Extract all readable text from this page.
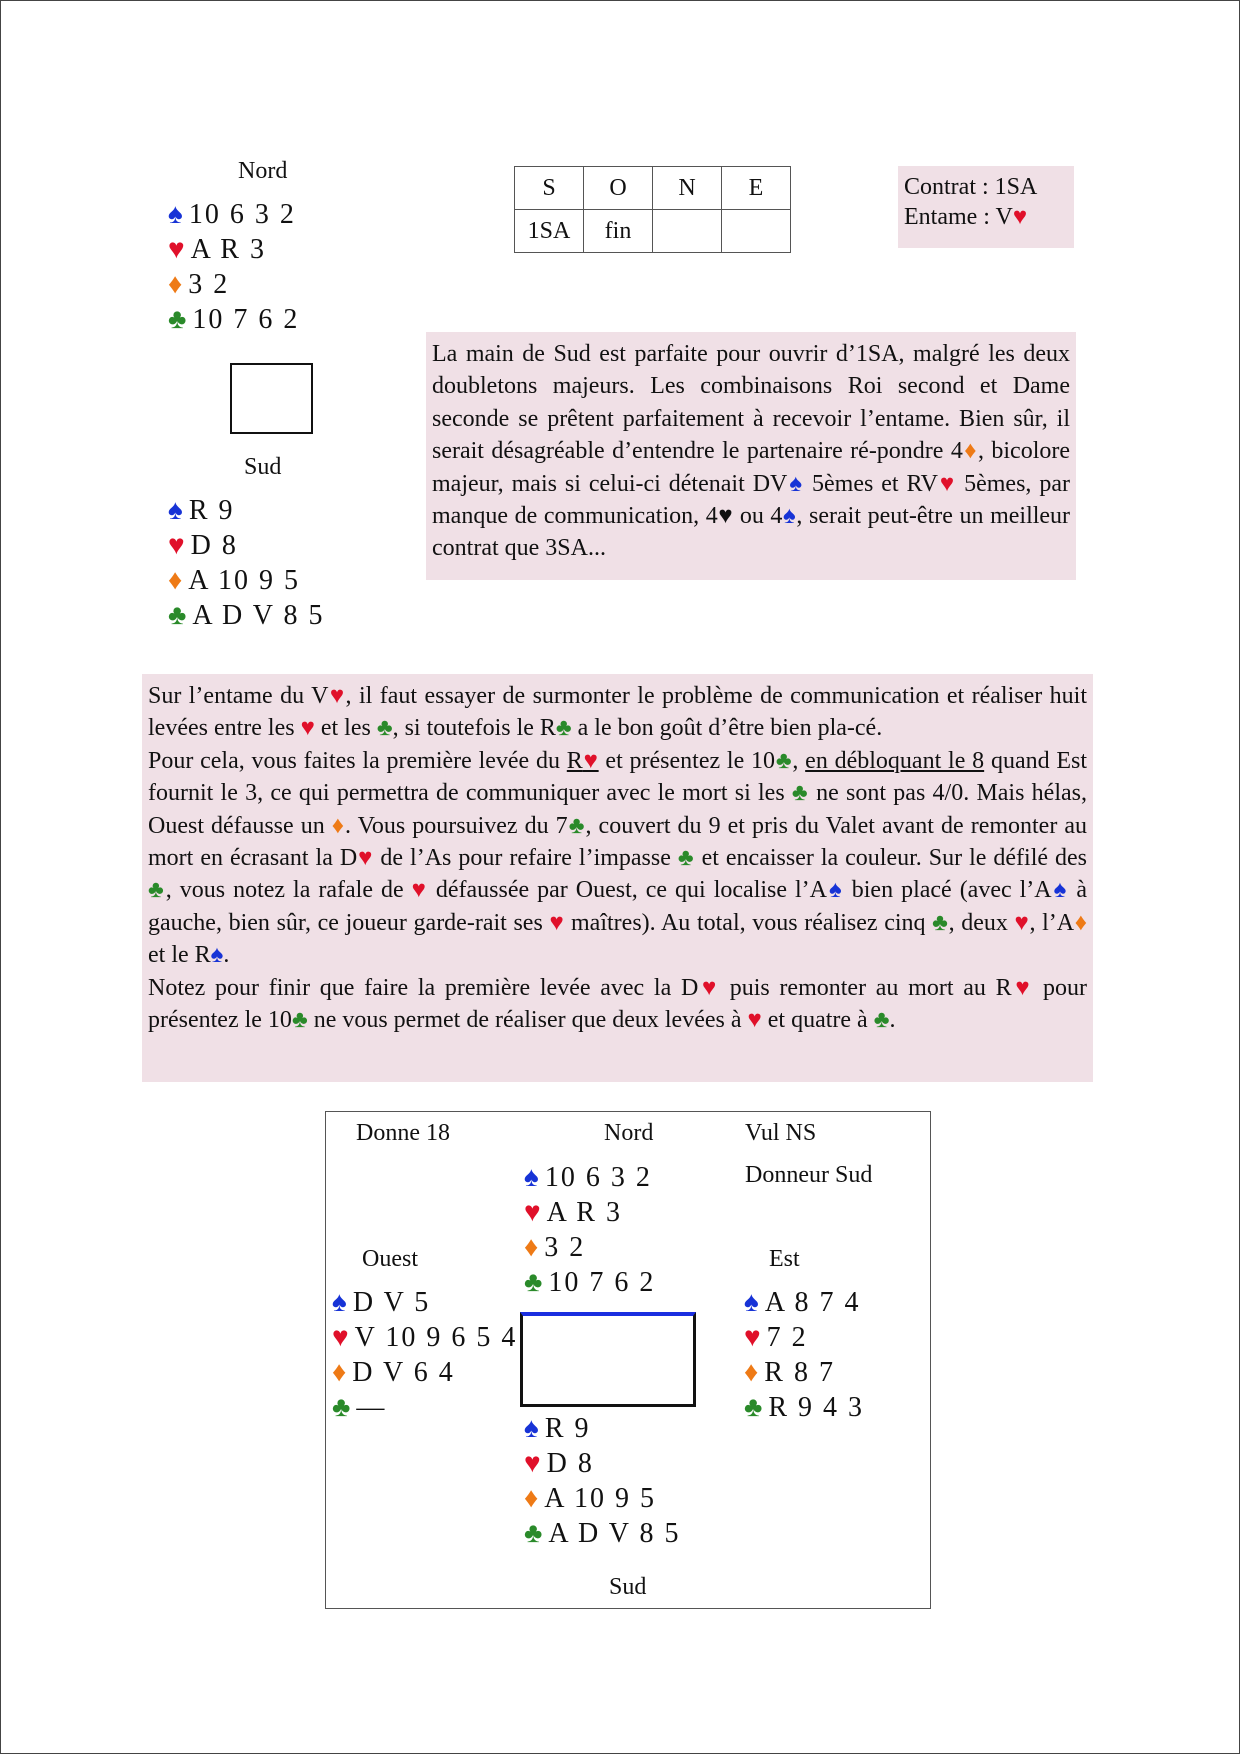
Nord
♠ 10 6 3 2
♥ A R 3
♦ 3 2
♣ 10 7 6 2
Sud
♠ R 9
♥ D 8
♦ A 10 9 5
♣ A D V 8 5
S	O	N	E
1SA	fin		
Contrat : 1SA
Entame : V♥

La main de Sud est parfaite pour ouvrir d’1SA, malgré les deux doubletons majeurs. Les combinaisons Roi second et Dame seconde se prêtent parfaitement à recevoir l’entame. Bien sûr, il serait désagréable d’entendre le partenaire ré-pondre 4♦, bicolore majeur, mais si celui-ci détenait DV♠ 5èmes et RV♥ 5èmes, par manque de communication, 4♥ ou 4♠, serait peut-être un meilleur contrat que 3SA...

Sur l’entame du V♥, il faut essayer de surmonter le problème de communication et réaliser huit levées entre les ♥ et les ♣, si toutefois le R♣ a le bon goût d’être bien pla-cé.

Pour cela, vous faites la première levée du R♥ et présentez le 10♣, en débloquant le 8 quand Est fournit le 3, ce qui permettra de communiquer avec le mort si les ♣ ne sont pas 4/0. Mais hélas, Ouest défausse un ♦. Vous poursuivez du 7♣, couvert du 9 et pris du Valet avant de remonter au mort en écrasant la D♥ de l’As pour refaire l’impasse ♣ et encaisser la couleur. Sur le défilé des ♣, vous notez la rafale de ♥ défaussée par Ouest, ce qui localise l’A♠ bien placé (avec l’A♠ à gauche, bien sûr, ce joueur garde-rait ses ♥ maîtres). Au total, vous réalisez cinq ♣, deux ♥, l’A♦ et le R♠.

Notez pour finir que faire la première levée avec la D♥ puis remonter au mort au R♥ pour présentez le 10♣ ne vous permet de réaliser que deux levées à ♥ et quatre à ♣.

Donne 18	Nord	Vul NS
Donneur Sud
♠ 10 6 3 2
♥ A R 3
♦ 3 2
♣ 10 7 6 2
Ouest
♠ D V 5
♥ V 10 9 6 5 4
♦ D V 6 4
♣ —
Est
♠ A 8 7 4
♥ 7 2
♦ R 8 7
♣ R 9 4 3
♠ R 9
♥ D 8
♦ A 10 9 5
♣ A D V 8 5
Sud
